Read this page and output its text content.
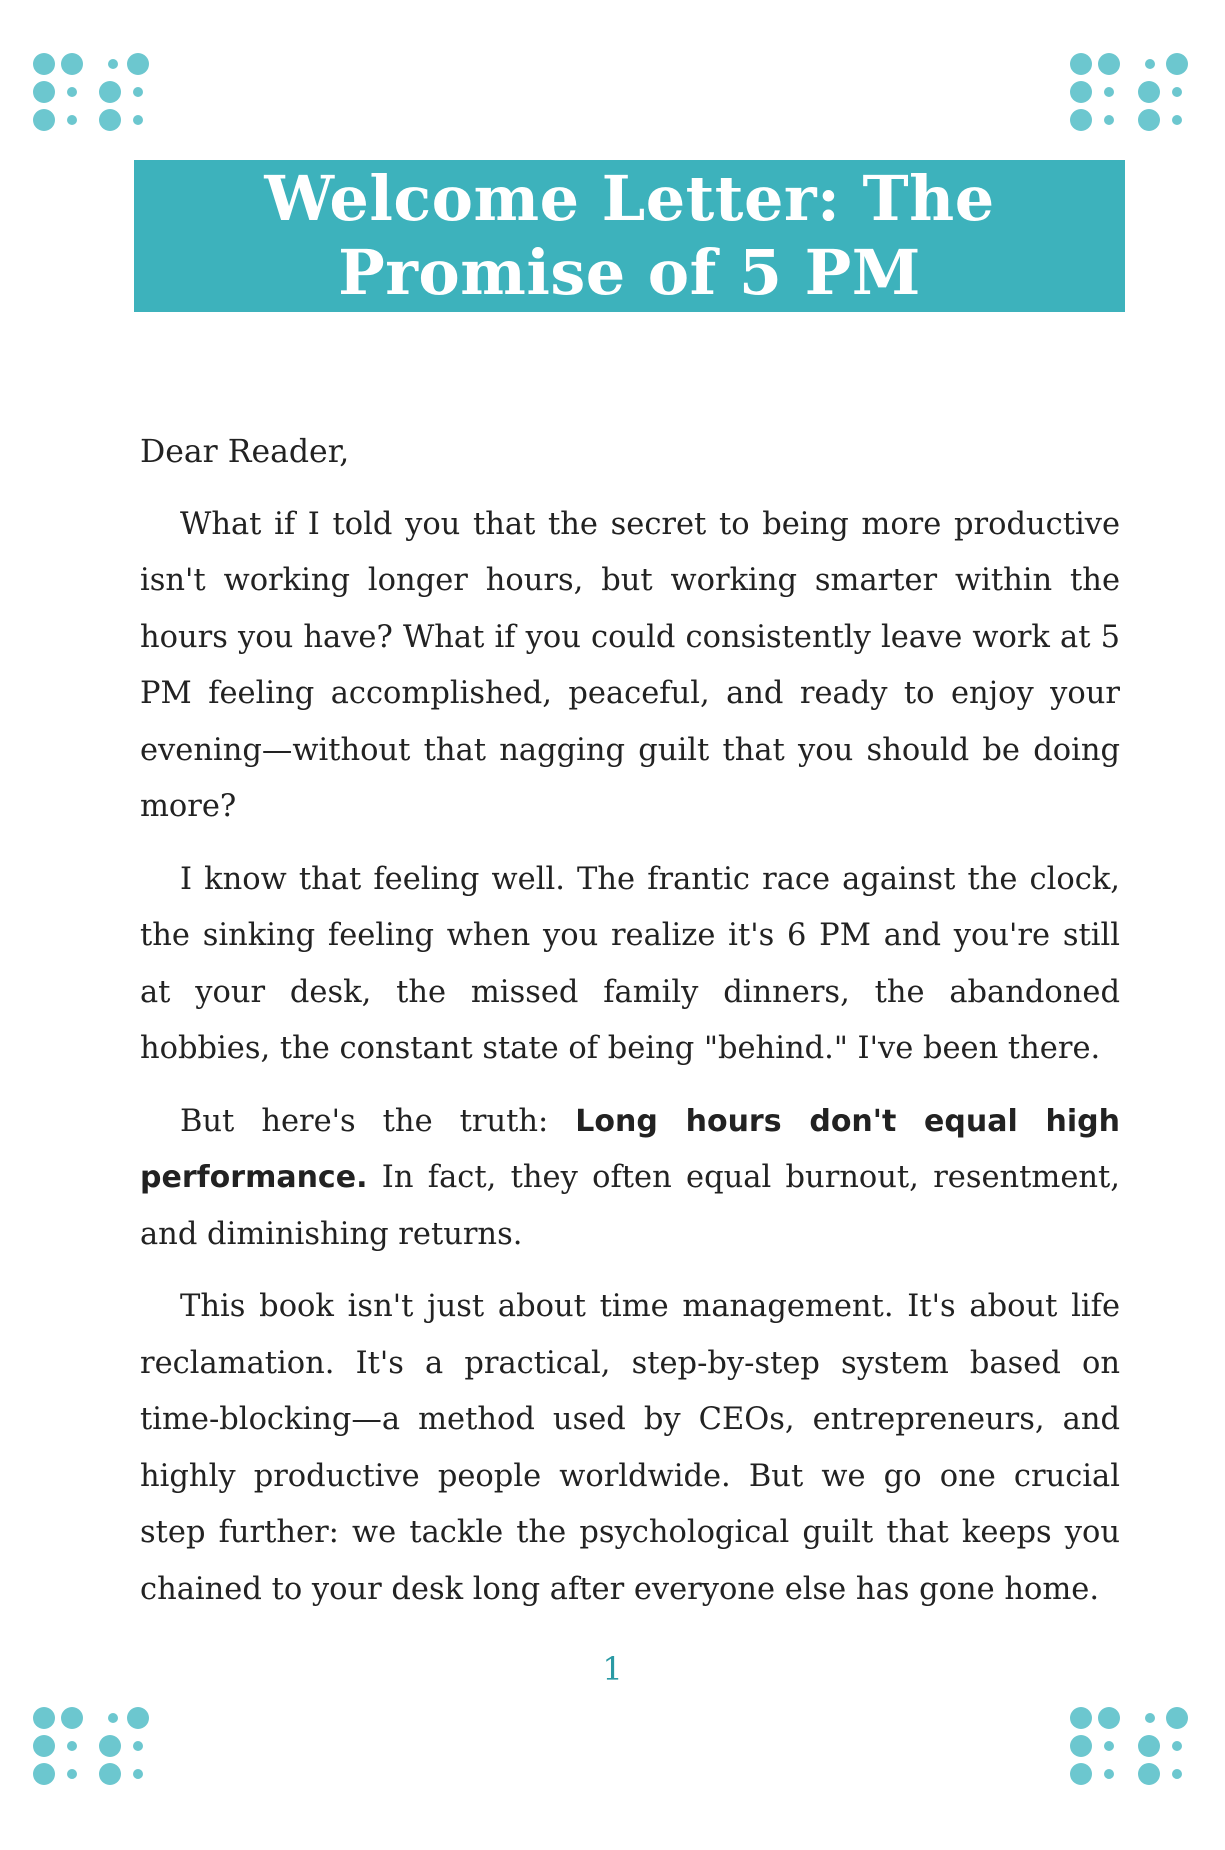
Welcome Letter: The Promise of 5 PM

Dear Reader,

What if I told you that the secret to being more productive isn't working longer hours, but working smarter within the hours you have? What if you could consistently leave work at 5 PM feeling accomplished, peaceful, and ready to enjoy your evening—without that nagging guilt that you should be doing more?

I know that feeling well. The frantic race against the clock, the sinking feeling when you realize it's 6 PM and you're still at your desk, the missed family dinners, the abandoned hobbies, the constant state of being "behind." I've been there.

But here's the truth: Long hours don't equal high performance. In fact, they often equal burnout, resentment, and diminishing returns.

This book isn't just about time management. It's about life reclamation. It's a practical, step-by-step system based on time-blocking—a method used by CEOs, entrepreneurs, and highly productive people worldwide. But we go one crucial step further: we tackle the psychological guilt that keeps you chained to your desk long after everyone else has gone home.

1
